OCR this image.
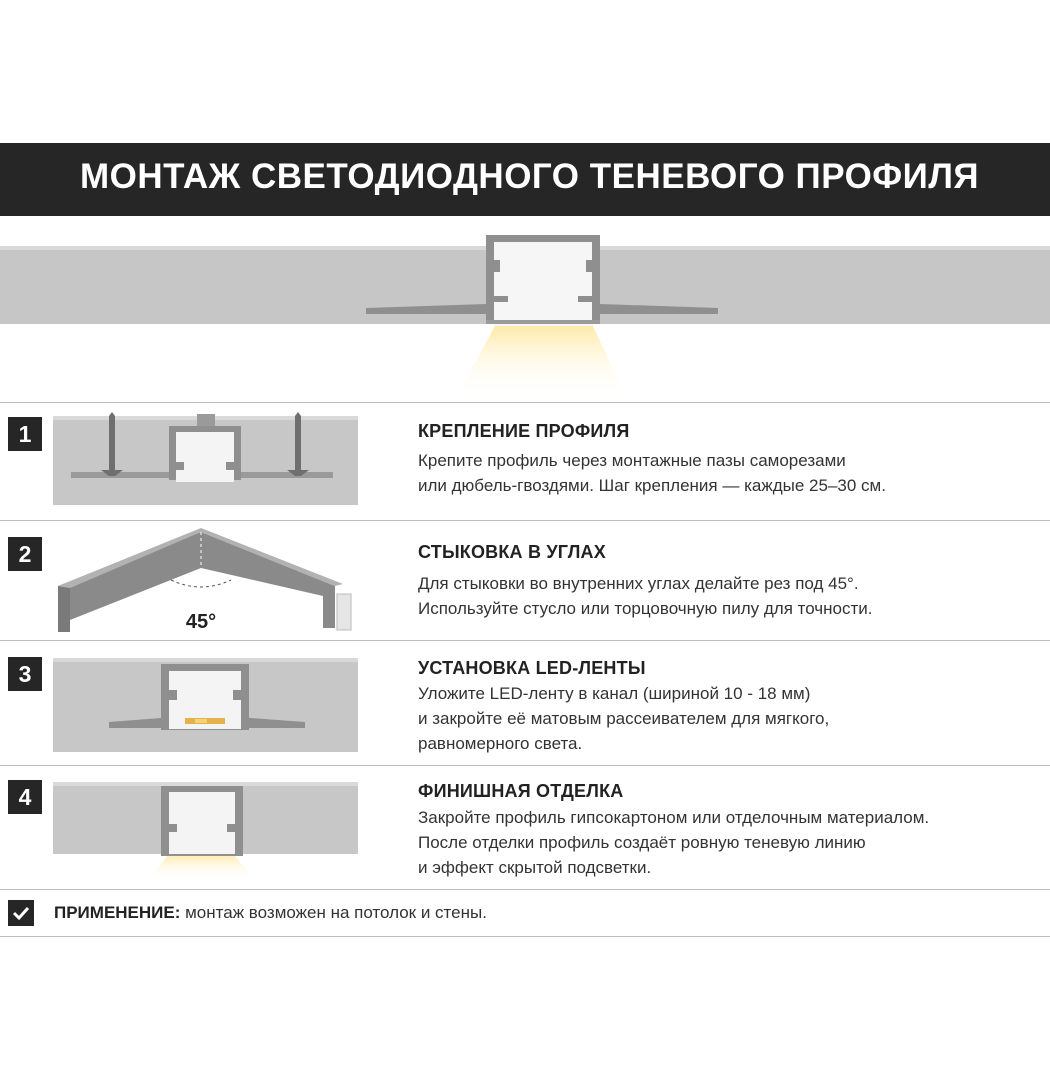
МОНТАЖ СВЕТОДИОДНОГО ТЕНЕВОГО ПРОФИЛЯ
1	КРЕПЛЕНИЕ ПРОФИЛЯ
Крепите профиль через монтажные пазы саморезами
или дюбель-гвоздями. Шаг крепления — каждые 25–30 см.
2
45°
СТЫКОВКА В УГЛАХ
Для стыковки во внутренних углах делайте рез под 45°.
Используйте стусло или торцовочную пилу для точности.
3	УСТАНОВКА LED-ЛЕНТЫ
Уложите LED-ленту в канал (шириной 10 - 18 мм)
и закройте её матовым рассеивателем для мягкого,
равномерного света.
4	ФИНИШНАЯ ОТДЕЛКА
Закройте профиль гипсокартоном или отделочным материалом.
После отделки профиль создаёт ровную теневую линию
и эффект скрытой подсветки.
ПРИМЕНЕНИЕ: монтаж возможен на потолок и стены.
